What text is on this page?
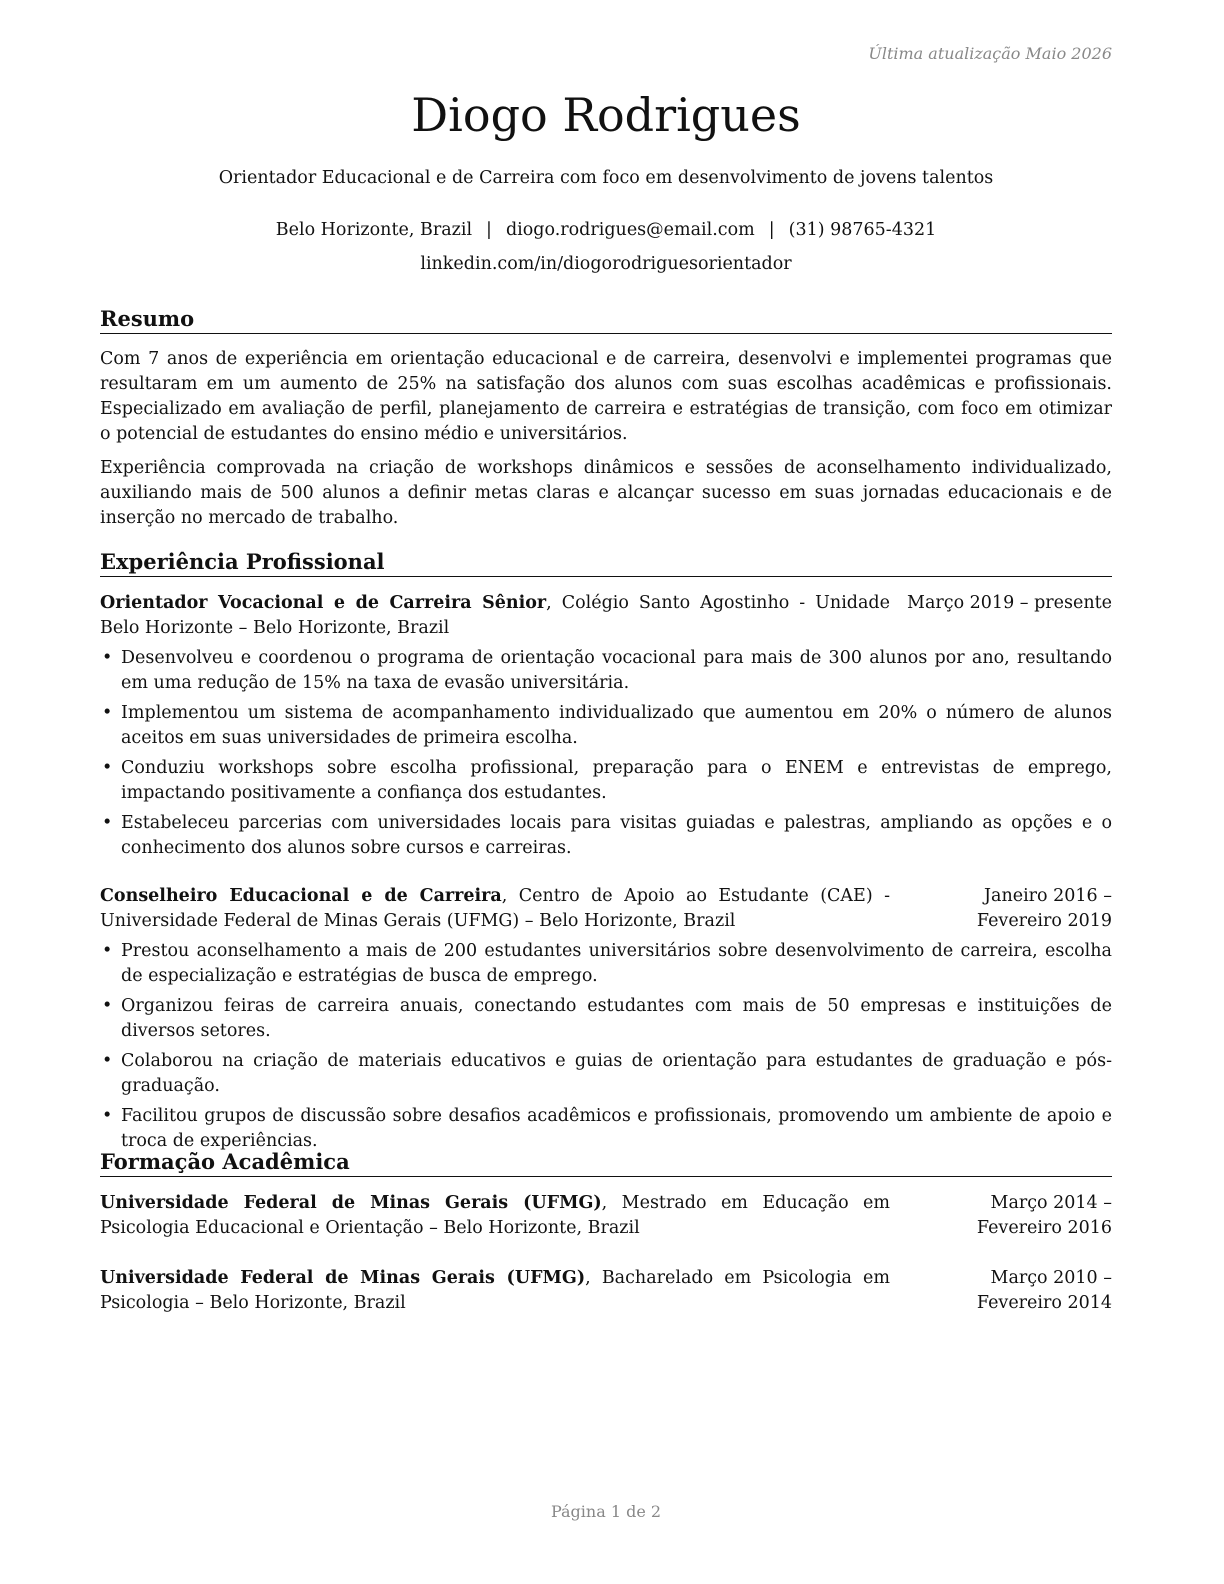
Última atualização Maio 2026
Diogo Rodrigues
Orientador Educacional e de Carreira com foco em desenvolvimento de jovens talentos
Belo Horizonte, Brazil | diogo.rodrigues@email.com | (31) 98765-4321
linkedin.com/in/diogorodriguesorientador
Resumo
Com 7 anos de experiência em orientação educacional e de carreira, desenvolvi e implementei programas que resultaram em um aumento de 25% na satisfação dos alunos com suas escolhas acadêmicas e profissionais. Especializado em avaliação de perfil, planejamento de carreira e estratégias de transição, com foco em otimizar o potencial de estudantes do ensino médio e universitários.
Experiência comprovada na criação de workshops dinâmicos e sessões de aconselhamento individualizado, auxiliando mais de 500 alunos a definir metas claras e alcançar sucesso em suas jornadas educacionais e de inserção no mercado de trabalho.
Experiência Profissional
Orientador Vocacional e de Carreira Sênior, Colégio Santo Agostinho - Unidade Belo Horizonte – Belo Horizonte, Brazil
Março 2019 – presente
• Desenvolveu e coordenou o programa de orientação vocacional para mais de 300 alunos por ano, resultando em uma redução de 15% na taxa de evasão universitária.
• Implementou um sistema de acompanhamento individualizado que aumentou em 20% o número de alunos aceitos em suas universidades de primeira escolha.
• Conduziu workshops sobre escolha profissional, preparação para o ENEM e entrevistas de emprego, impactando positivamente a confiança dos estudantes.
• Estabeleceu parcerias com universidades locais para visitas guiadas e palestras, ampliando as opções e o conhecimento dos alunos sobre cursos e carreiras.
Conselheiro Educacional e de Carreira, Centro de Apoio ao Estudante (CAE) - Universidade Federal de Minas Gerais (UFMG) – Belo Horizonte, Brazil
Janeiro 2016 – Fevereiro 2019
• Prestou aconselhamento a mais de 200 estudantes universitários sobre desenvolvimento de carreira, escolha de especialização e estratégias de busca de emprego.
• Organizou feiras de carreira anuais, conectando estudantes com mais de 50 empresas e instituições de diversos setores.
• Colaborou na criação de materiais educativos e guias de orientação para estudantes de graduação e pós-graduação.
• Facilitou grupos de discussão sobre desafios acadêmicos e profissionais, promovendo um ambiente de apoio e troca de experiências.
Formação Acadêmica
Universidade Federal de Minas Gerais (UFMG), Mestrado em Educação em Psicologia Educacional e Orientação – Belo Horizonte, Brazil
Março 2014 – Fevereiro 2016
Universidade Federal de Minas Gerais (UFMG), Bacharelado em Psicologia em Psicologia – Belo Horizonte, Brazil
Março 2010 – Fevereiro 2014
Página 1 de 2
